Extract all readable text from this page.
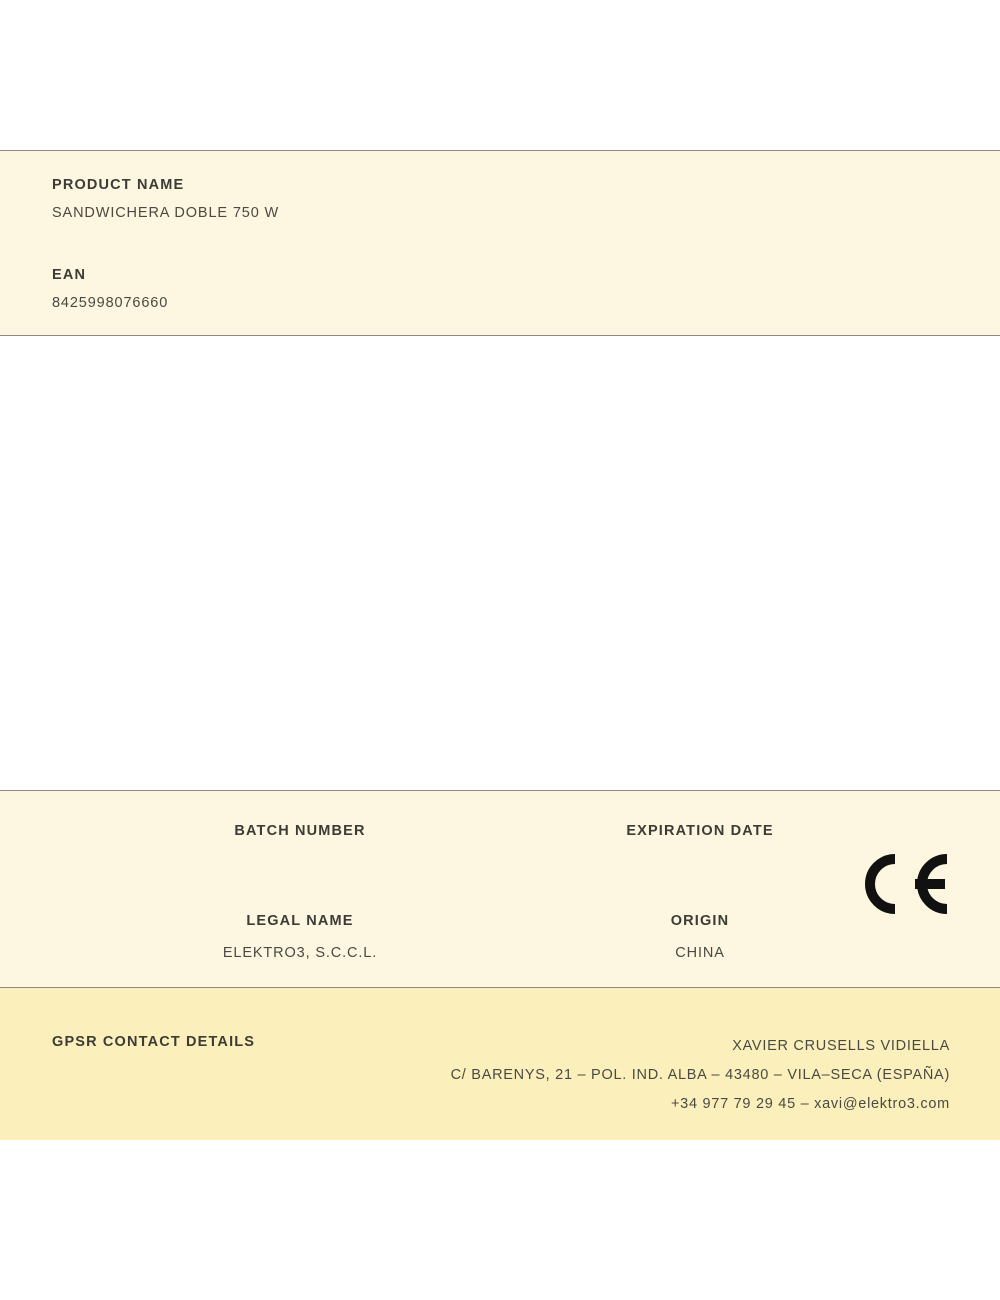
PRODUCT NAME
SANDWICHERA DOBLE 750 W
EAN
8425998076660
BATCH NUMBER	EXPIRATION DATE
LEGAL NAME
ELEKTRO3, S.C.C.L.
ORIGIN
CHINA
GPSR CONTACT DETAILS	XAVIER CRUSELLS VIDIELLA
C/ BARENYS, 21 – POL. IND. ALBA – 43480 – VILA–SECA (ESPAÑA)
+34 977 79 29 45 – xavi@elektro3.com
